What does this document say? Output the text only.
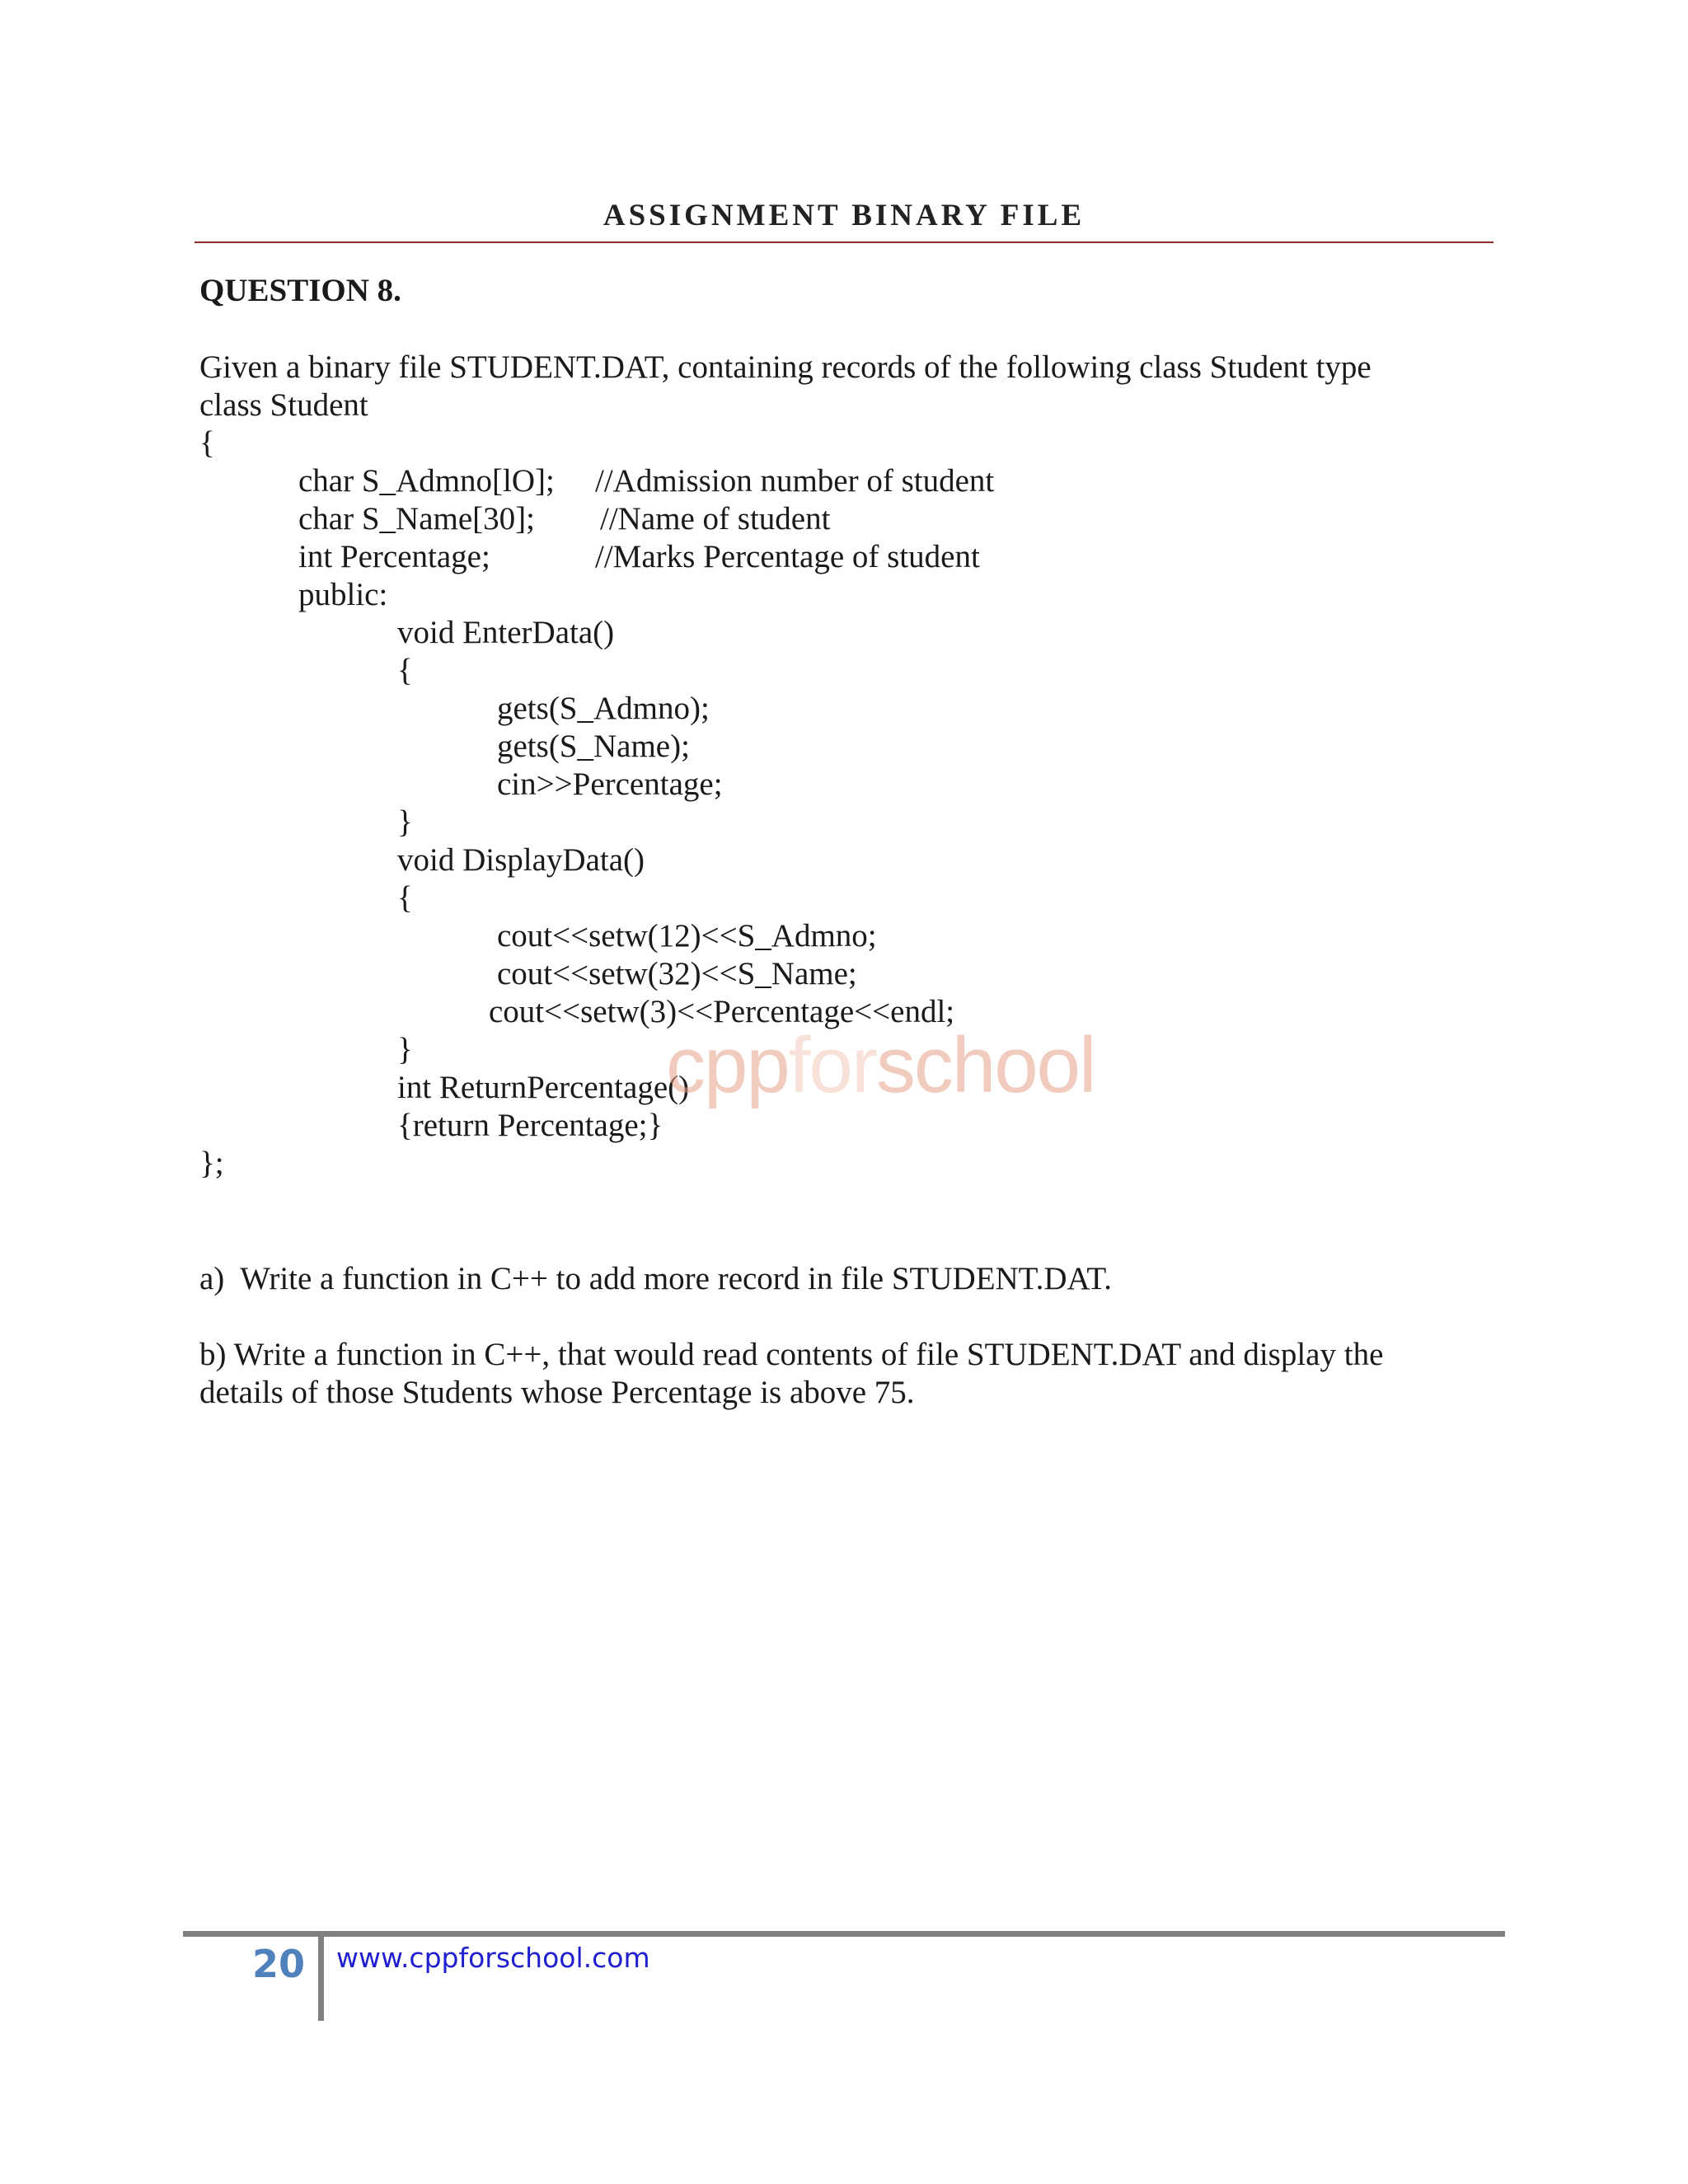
ASSIGNMENT BINARY FILE
QUESTION 8.
Given a binary file STUDENT.DAT, containing records of the following class Student type
class Student
{
char S_Admno[lO]; //Admission number of student
char S_Name[30]; //Name of student
int Percentage;	//Marks Percentage of student
public:
void EnterData()
{
gets(S_Admno);
gets(S_Name);
cin>>Percentage;
}
void DisplayData()
{
cout<<setw(12)<<S_Admno;
cout<<setw(32)<<S_Name;
cout<<setw(3)<<Percentage<<endl;
}
int ReturnPercentage()
{return Percentage;}
};
cppforschool
a)  Write a function in C++ to add more record in file STUDENT.DAT.
b) Write a function in C++, that would read contents of file STUDENT.DAT and display the
details of those Students whose Percentage is above 75.
20 www.cppforschool.com
